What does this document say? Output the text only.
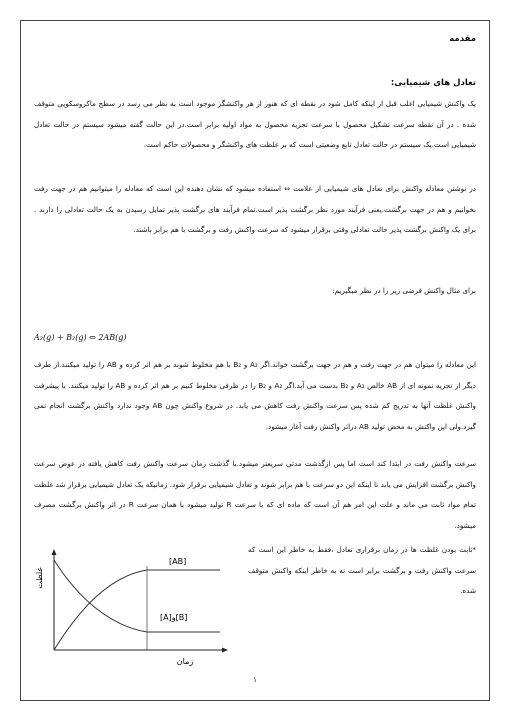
مقدمه
تعادل های شیمیایی:
یک واکنش شیمیایی اغلب قبل از اینکه کامل شود در نقطه ای که هنوز از هر واکنشگر موجود است به نظر می رسد در سطح ماکروسکوپی متوقف شده . در آن نقطه سرعت تشکیل محصول با سرعت تجزیه محصول به مواد اولیه برابر است.در این حالت گفته میشود سیستم در حالت تعادل شیمیایی است.یک سیستم در حالت تعادل تابع وضعیتی است که بر غلظت های واکنشگر و محصولات حاکم است.
در نوشتن معادله واکنش برای تعادل های شیمیایی از علامت ⇔ استفاده میشود که نشان دهنده این است که معادله را میتوانیم هم در جهت رفت بخوانیم و هم در جهت برگشت.یعنی فرآیند مورد نظر برگشت پذیر است.تمام فرآیند های برگشت پذیر تمایل رسیدن به یک حالت تعادلی را دارند . برای یک واکنش برگشت پذیر حالت تعادلی وقتی برقرار میشود که سرعت واکنش رفت و برگشت با هم برابر باشند.
برای مثال واکنش فرضی زیر را در نظر میگیریم:
A₂(g) + B₂(g) ⇔ 2AB(g)
این معادله را میتوان هم در جهت رفت و هم در جهت برگشت خواند.اگر A₂ و B₂ با هم مخلوط شوند بر هم اثر کرده و AB را تولید میکنند.از طرف دیگر از تجزیه نمونه ای از AB خالص A₂ و B₂ بدست می آید.اگر A₂ و B₂ را در ظرفی مخلوط کنیم بر هم اثر کرده و AB را تولید میکنند. با پیشرفت واکنش غلظت آنها به تدریج کم شده پس سرعت واکنش رفت کاهش می یابد. در شروع واکنش چون AB وجود ندارد واکنش برگشت انجام نمی گیرد.ولی این واکنش به محض تولید AB دراثر واکنش رفت آغاز میشود.
سرعت واکنش رفت در ابتدا کند است اما پس ازگذشت مدتی سریعتر میشود.با گذشت زمان سرعت واکنش رفت کاهش یافته در عوض سرعت واکنش برگشت افزایش می یابد تا اینکه این دو سرعت با هم برابر شوند و تعادل شیمیایی برقرار شود. زمانیکه یک تعادل شیمیایی برقرار شد غلظت تمام مواد ثابت می ماند و علت این امر هم آن است که ماده ای که با سرعت R تولید میشود با همان سرعت R در اثر واکنش برگشت مصرف میشود.
*ثابت بودن غلظت ها در زمان برقراری تعادل ،فقط به خاطر این است که سرعت واکنش رفت و برگشت برابر است نه به خاطر اینکه واکنش متوقف شده.
غلظت
زمان
[AB]
[A]و[B]
۱
